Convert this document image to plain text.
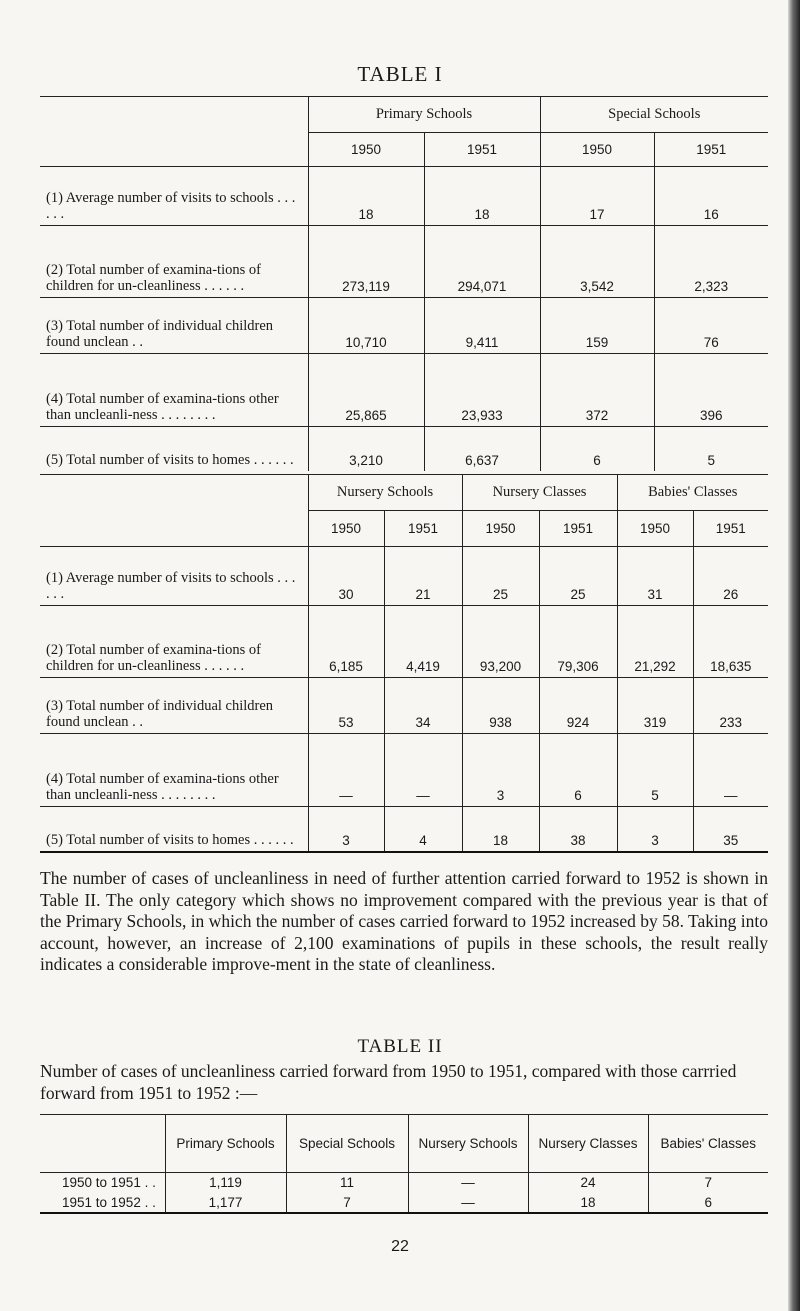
TABLE I
	Primary Schools		Special Schools	
	1950	1951	1950	1951
(1) Average number of visits to schools . . . . . .	18	18	17	16
(2) Total number of examina-tions of children for un-cleanliness . . . . . .	273,119	294,071	3,542	2,323
(3) Total number of individual children found unclean . .	10,710	9,411	159	76
(4) Total number of examina-tions other than uncleanli-ness . . . . . . . .	25,865	23,933	372	396
(5) Total number of visits to homes . . . . . .	3,210	6,637	6	5
	Nursery Schools		Nursery Classes		Babies' Classes	
	1950	1951	1950	1951	1950	1951
(1) Average number of visits to schools . . . . . .	30	21	25	25	31	26
(2) Total number of examina-tions of children for un-cleanliness . . . . . .	6,185	4,419	93,200	79,306	21,292	18,635
(3) Total number of individual children found unclean . .	53	34	938	924	319	233
(4) Total number of examina-tions other than uncleanli-ness . . . . . . . .	—	—	3	6	5	—
(5) Total number of visits to homes . . . . . .	3	4	18	38	3	35
The number of cases of uncleanliness in need of further attention carried forward to 1952 is shown in Table II. The only category which shows no improvement compared with the previous year is that of the Primary Schools, in which the number of cases carried forward to 1952 increased by 58. Taking into account, however, an increase of 2,100 examinations of pupils in these schools, the result really indicates a considerable improve-ment in the state of cleanliness.
TABLE II
Number of cases of uncleanliness carried forward from 1950 to 1951, compared with those carrried forward from 1951 to 1952 :—
	Primary Schools	Special Schools	Nursery Schools	Nursery Classes	Babies' Classes
1950 to 1951 . .	1,119	11	—	24	7
1951 to 1952 . .	1,177	7	—	18	6
22
